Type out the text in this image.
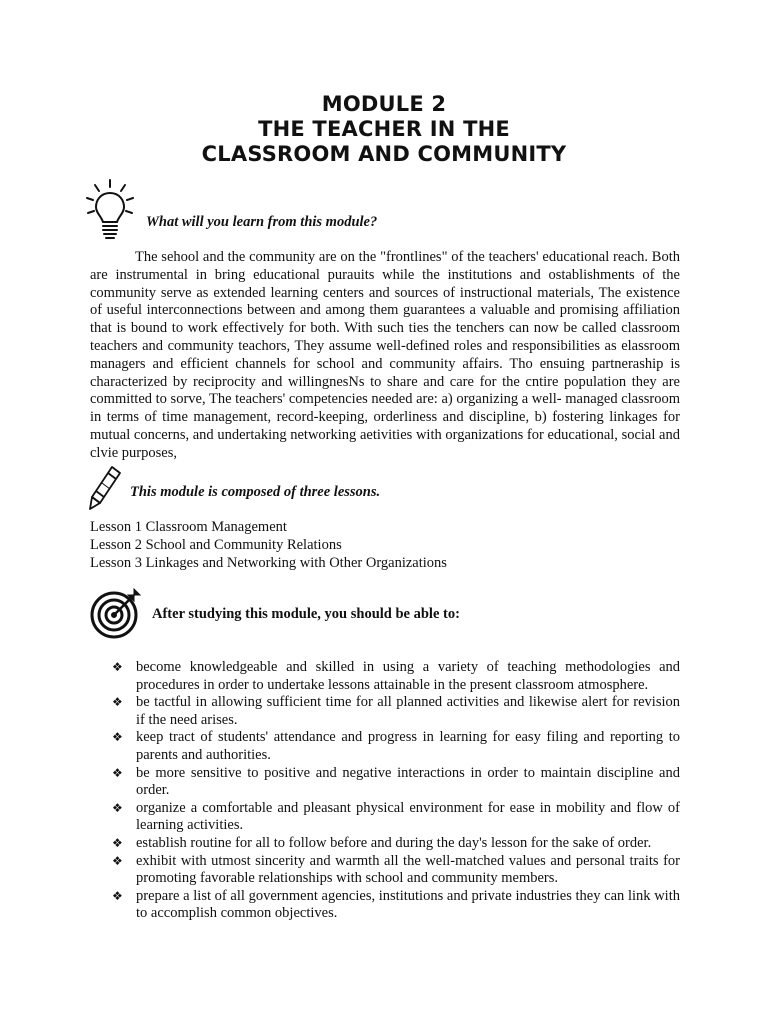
MODULE 2
THE TEACHER IN THE
CLASSROOM AND COMMUNITY
What will you learn from this module?

The sehool and the community are on the "frontlines" of the teachers' educational reach. Both are instrumental in bring educational purauits while the institutions and ostablishments of the community serve as extended learning centers and sources of instructional materials, The existence of useful interconnections between and among them guarantees a valuable and promising affiliation that is bound to work effectively for both. With such ties the tenchers can now be called classroom teachers and community teachors, They assume well-defined roles and responsibilities as elassroom managers and efficient channels for school and community affairs. Tho ensuing partneraship is characterized by reciprocity and willingnesNs to share and care for the cntire population they are committed to sorve, The teachers' competencies needed are: a) organizing a well- managed classroom in terms of time management, record-keeping, orderliness and discipline, b) fostering linkages for mutual concerns, and undertaking networking aetivities with organizations for educational, social and clvie purposes,

This module is composed of three lessons.
Lesson 1 Classroom Management
Lesson 2 School and Community Relations
Lesson 3 Linkages and Networking with Other Organizations
After studying this module, you should be able to:
❖ become knowledgeable and skilled in using a variety of teaching methodologies and procedures in order to undertake lessons attainable in the present classroom atmosphere.
❖ be tactful in allowing sufficient time for all planned activities and likewise alert for revision if the need arises.
❖ keep tract of students' attendance and progress in learning for easy filing and reporting to parents and authorities.
❖ be more sensitive to positive and negative interactions in order to maintain discipline and order.
❖ organize a comfortable and pleasant physical environment for ease in mobility and flow of learning activities.
❖ establish routine for all to follow before and during the day's lesson for the sake of order.
❖ exhibit with utmost sincerity and warmth all the well-matched values and personal traits for promoting favorable relationships with school and community members.
❖ prepare a list of all government agencies, institutions and private industries they can link with to accomplish common objectives.
